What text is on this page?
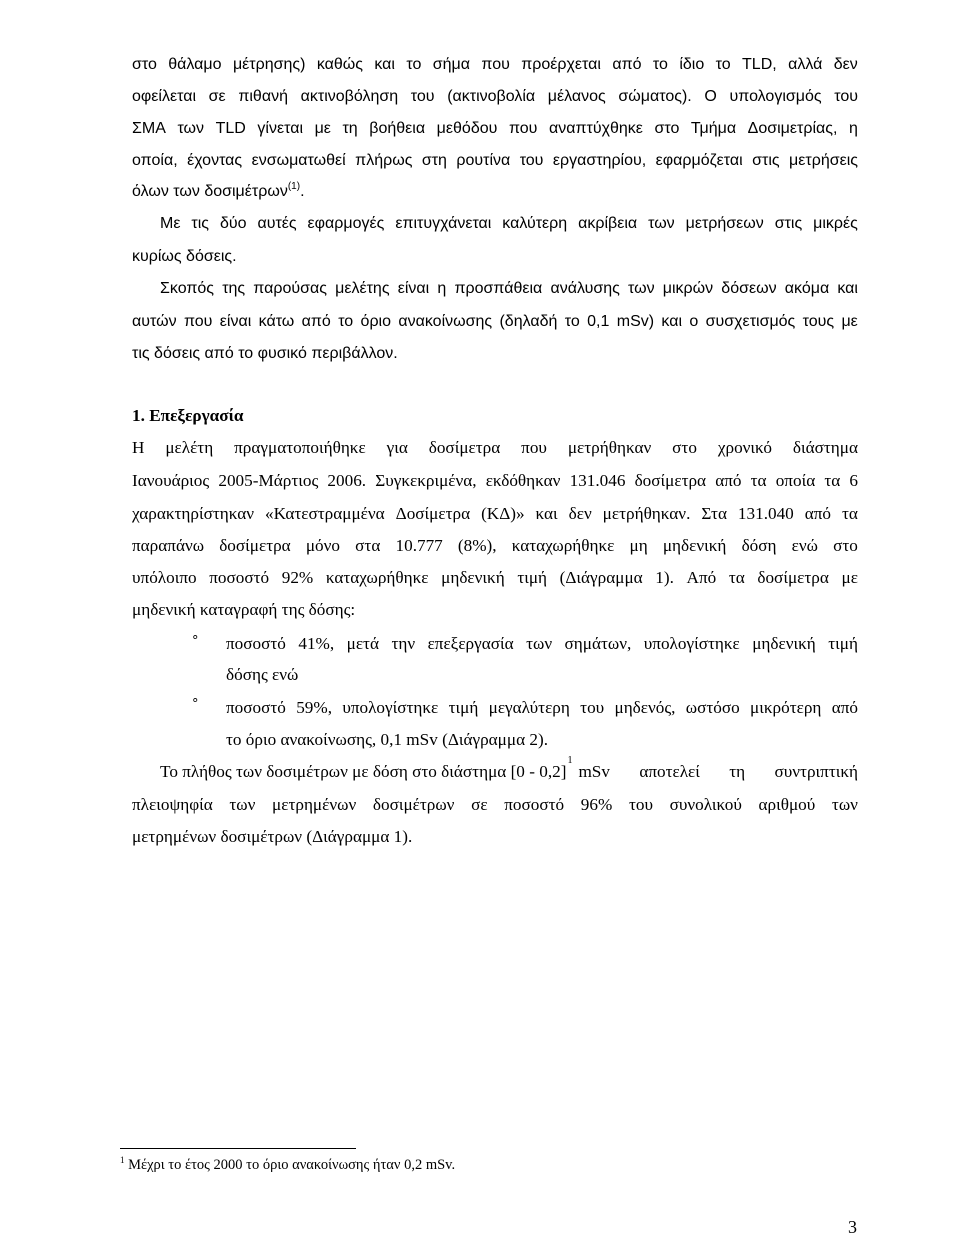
στο θάλαμο μέτρησης) καθώς και το σήμα που προέρχεται από το ίδιο το TLD, αλλά δεν
οφείλεται σε πιθανή ακτινοβόληση του (ακτινοβολία μέλανος σώματος). Ο υπολογισμός του
ΣΜΑ των TLD γίνεται με τη βοήθεια μεθόδου που αναπτύχθηκε στο Τμήμα Δοσιμετρίας, η
οποία, έχοντας ενσωματωθεί πλήρως στη ρουτίνα του εργαστηρίου, εφαρμόζεται στις μετρήσεις
όλων των δοσιμέτρων$^{(1)}$.
Με τις δύο αυτές εφαρμογές επιτυγχάνεται καλύτερη ακρίβεια των μετρήσεων στις μικρές
κυρίως δόσεις.
Σκοπός της παρούσας μελέτης είναι η προσπάθεια ανάλυσης των μικρών δόσεων ακόμα και
αυτών που είναι κάτω από το όριο ανακοίνωσης (δηλαδή το 0,1 mSv) και ο συσχετισμός τους με
τις δόσεις από το φυσικό περιβάλλον.
1. Επεξεργασία
Η μελέτη πραγματοποιήθηκε για δοσίμετρα που μετρήθηκαν στο χρονικό διάστημα
Ιανουάριος 2005-Μάρτιος 2006. Συγκεκριμένα, εκδόθηκαν 131.046 δοσίμετρα από τα οποία τα 6
χαρακτηρίστηκαν «Κατεστραμμένα Δοσίμετρα (ΚΔ)» και δεν μετρήθηκαν. Στα 131.040 από τα
παραπάνω δοσίμετρα μόνο στα 10.777 (8%), καταχωρήθηκε μη μηδενική δόση ενώ στο
υπόλοιπο ποσοστό 92% καταχωρήθηκε μηδενική τιμή (Διάγραμμα 1). Από τα δοσίμετρα με
μηδενική καταγραφή της δόσης:
° ποσοστό 41%, μετά την επεξεργασία των σημάτων, υπολογίστηκε μηδενική τιμή
δόσης ενώ
° ποσοστό 59%, υπολογίστηκε τιμή μεγαλύτερη του μηδενός, ωστόσο μικρότερη από
το όριο ανακοίνωσης, 0,1 mSv (Διάγραμμα 2).
Το πλήθος των δοσιμέτρων με δόση στο διάστημα [0 - 0,2]
1
mSv αποτελεί τη συντριπτική
πλειοψηφία των μετρημένων δοσιμέτρων σε ποσοστό 96% του συνολικού αριθμού των
μετρημένων δοσιμέτρων (Διάγραμμα 1).
$^1$ Μέχρι το έτος 2000 το όριο ανακοίνωσης ήταν 0,2 mSv.
3
